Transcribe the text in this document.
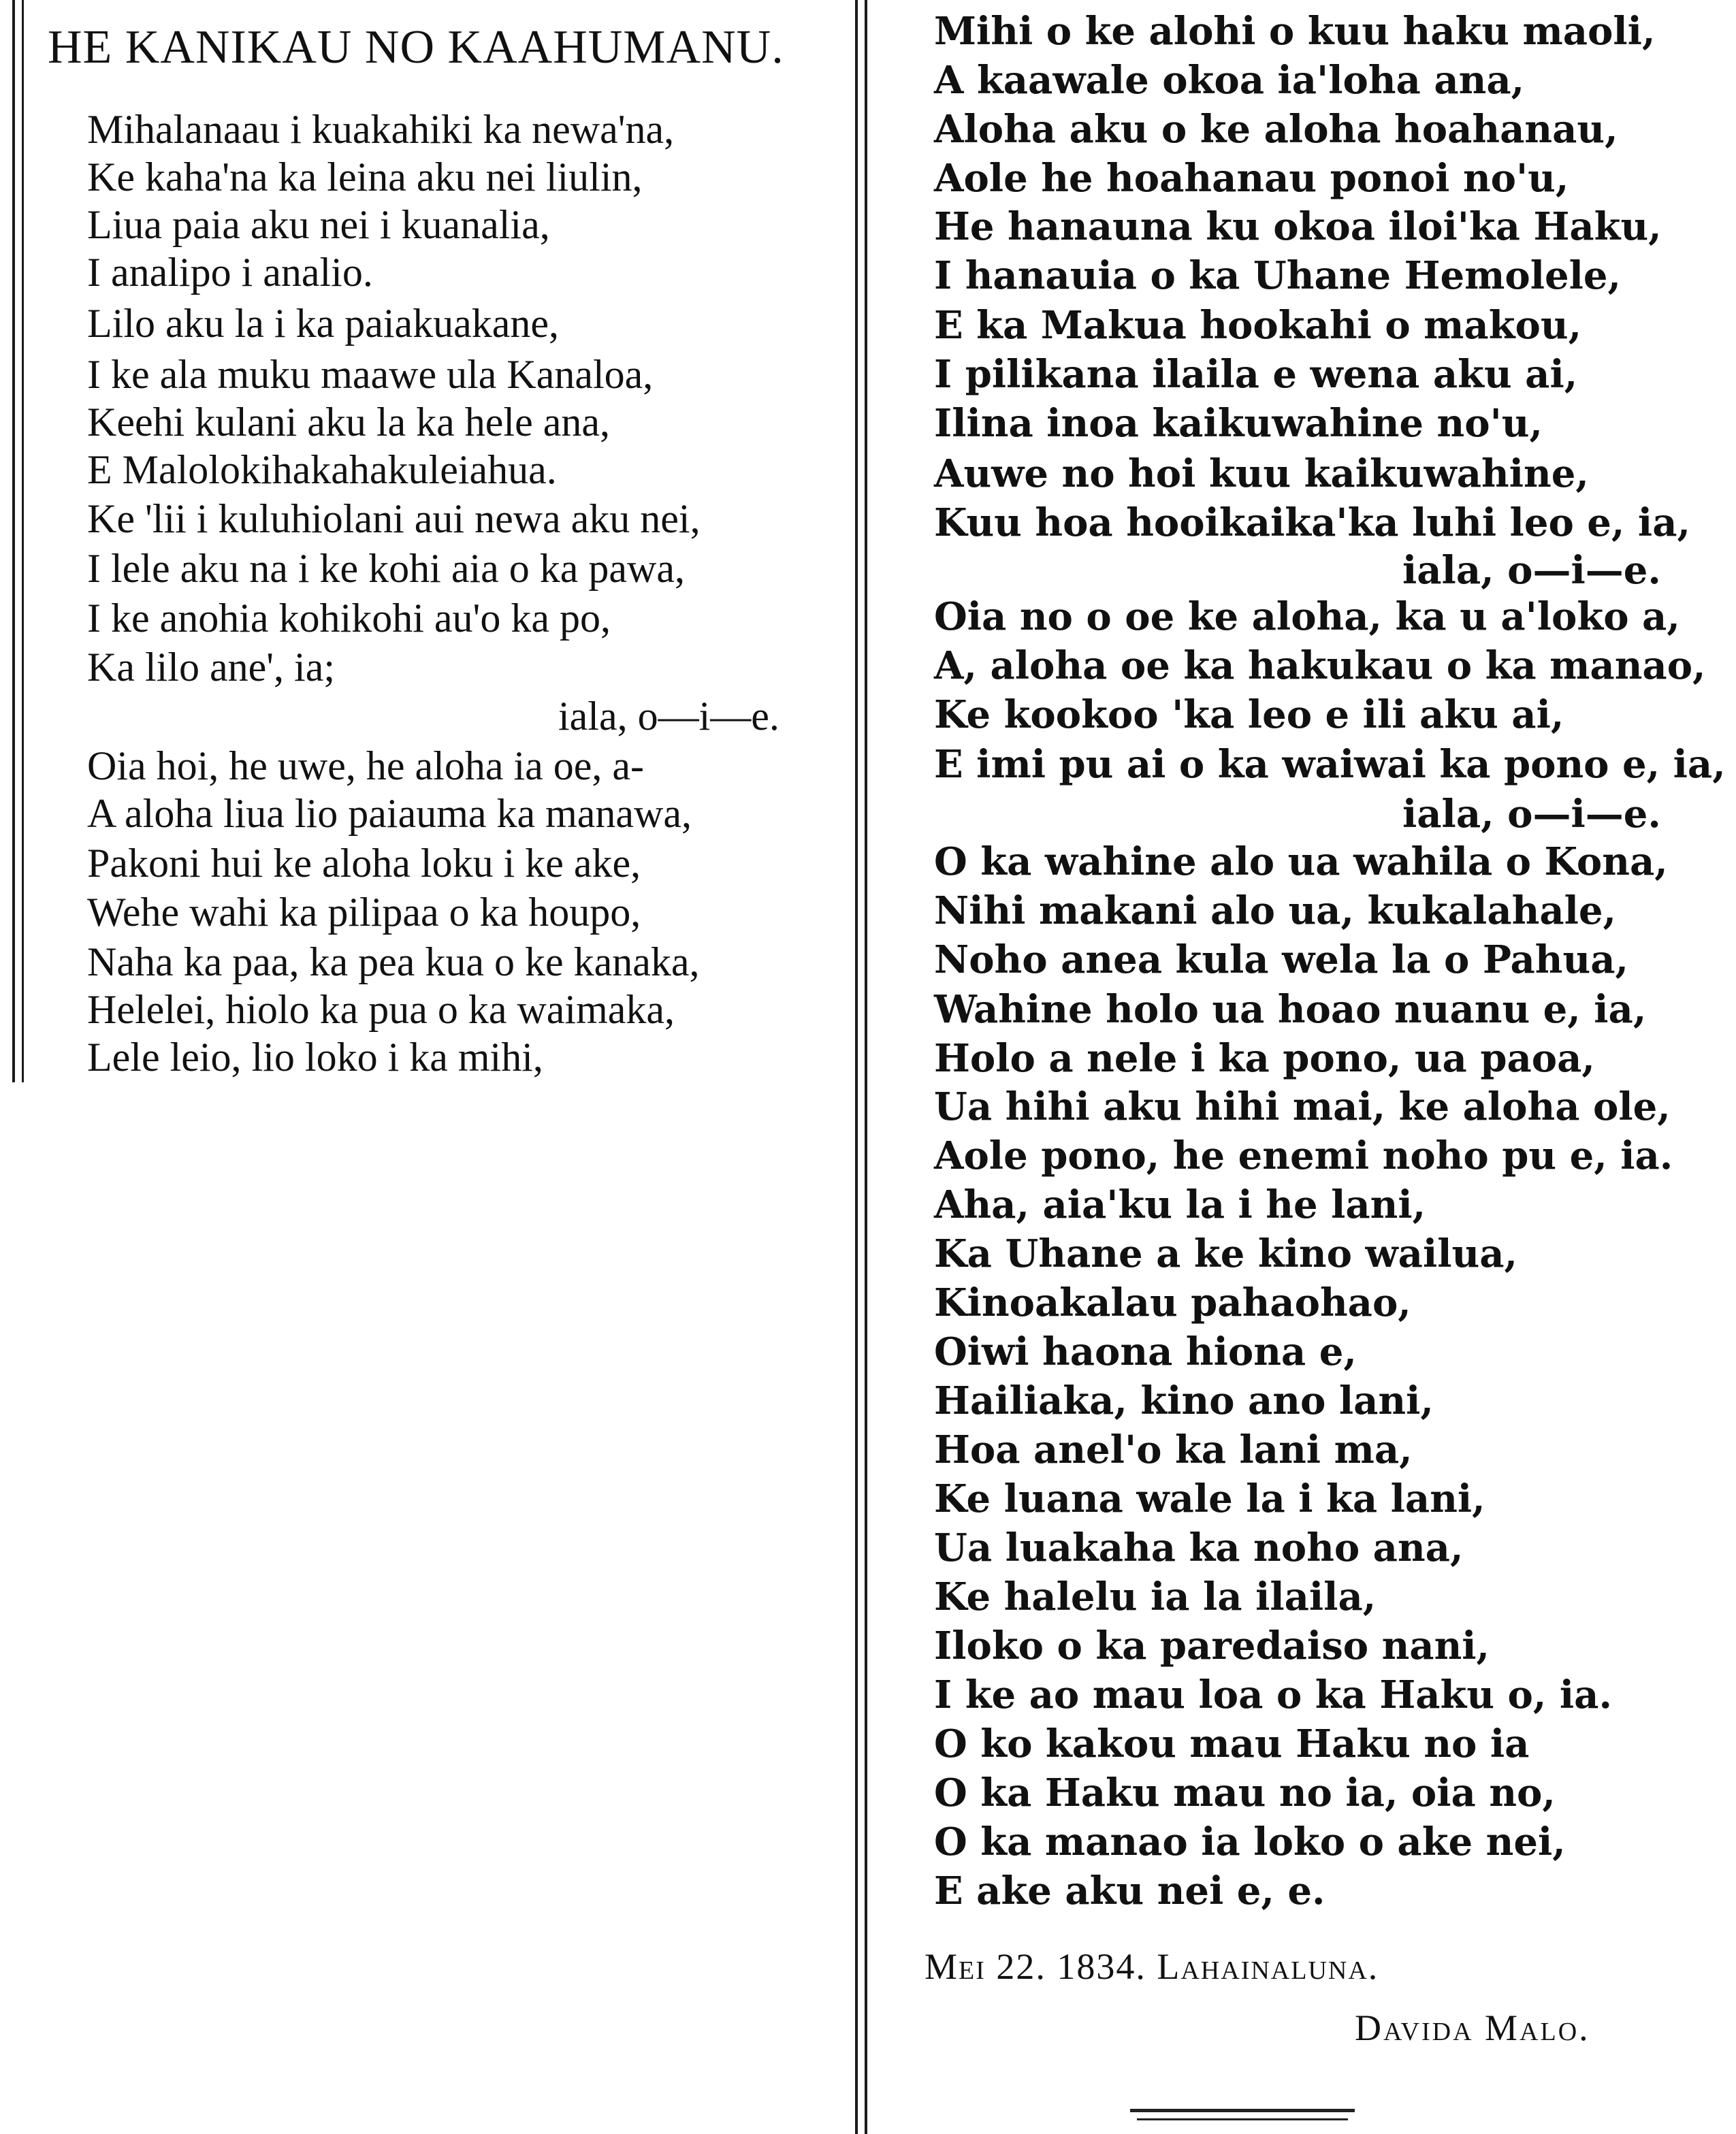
HE KANIKAU NO KAAHUMANU.
Mihalanaau i kuakahiki ka newa'na,
Ke kaha'na ka leina aku nei liulin,
Liua paia aku nei i kuanalia,
I analipo i analio.
Lilo aku la i ka paiakuakane,
I ke ala muku maawe ula Kanaloa,
Keehi kulani aku la ka hele ana,
E Malolokihakahakuleiahua.
Ke 'lii i kuluhiolani aui newa aku nei,
I lele aku na i ke kohi aia o ka pawa,
I ke anohia kohikohi au'o ka po,
Ka lilo ane', ia;
iala, o—i—e.
Oia hoi, he uwe, he aloha ia oe, a-
A aloha liua lio paiauma ka manawa,
Pakoni hui ke aloha loku i ke ake,
Wehe wahi ka pilipaa o ka houpo,
Naha ka paa, ka pea kua o ke kanaka,
Helelei, hiolo ka pua o ka waimaka,
Lele leio, lio loko i ka mihi,
Mihi o ke alohi o kuu haku maoli,
A kaawale okoa ia'loha ana,
Aloha aku o ke aloha hoahanau,
Aole he hoahanau ponoi no'u,
He hanauna ku okoa iloi'ka Haku,
I hanauia o ka Uhane Hemolele,
E ka Makua hookahi o makou,
I pilikana ilaila e wena aku ai,
Ilina inoa kaikuwahine no'u,
Auwe no hoi kuu kaikuwahine,
Kuu hoa hooikaika'ka luhi leo e, ia,
iala, o—i—e.
Oia no o oe ke aloha, ka u a'loko a,
A, aloha oe ka hakukau o ka manao,
Ke kookoo 'ka leo e ili aku ai,
E imi pu ai o ka waiwai ka pono e, ia,
iala, o—i—e.
O ka wahine alo ua wahila o Kona,
Nihi makani alo ua, kukalahale,
Noho anea kula wela la o Pahua,
Wahine holo ua hoao nuanu e, ia,
Holo a nele i ka pono, ua paoa,
Ua hihi aku hihi mai, ke aloha ole,
Aole pono, he enemi noho pu e, ia.
Aha, aia'ku la i he lani,
Ka Uhane a ke kino wailua,
Kinoakalau pahaohao,
Oiwi haona hiona e,
Hailiaka, kino ano lani,
Hoa anel'o ka lani ma,
Ke luana wale la i ka lani,
Ua luakaha ka noho ana,
Ke halelu ia la ilaila,
Iloko o ka paredaiso nani,
I ke ao mau loa o ka Haku o, ia.
O ko kakou mau Haku no ia
O ka Haku mau no ia, oia no,
O ka manao ia loko o ake nei,
E ake aku nei e, e.
Mei 22. 1834. Lahainaluna.
Davida Malo.
